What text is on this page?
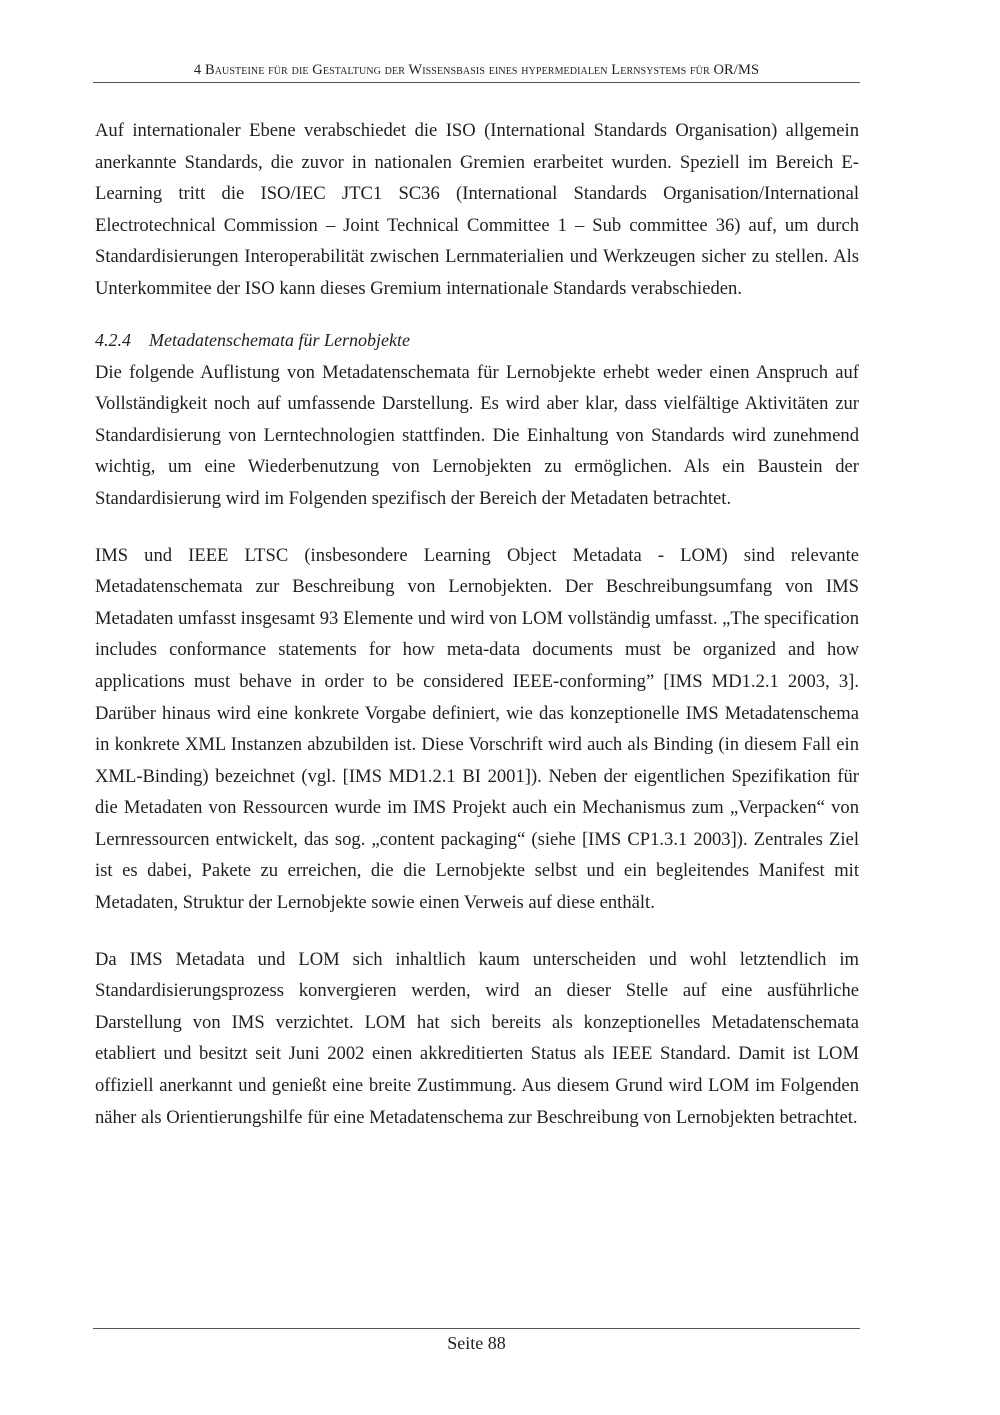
4 Bausteine für die Gestaltung der Wissensbasis eines hypermedialen Lernsystems für OR/MS

Auf internationaler Ebene verabschiedet die ISO (International Standards Organisation) allgemein anerkannte Standards, die zuvor in nationalen Gremien erarbeitet wurden. Speziell im Bereich E-Learning tritt die ISO/IEC JTC1 SC36 (International Standards Organisation/International Electrotechnical Commission – Joint Technical Committee 1 – Sub committee 36) auf, um durch Standardisierungen Interoperabilität zwischen Lernmaterialien und Werkzeugen sicher zu stellen. Als Unterkommitee der ISO kann dieses Gremium internationale Standards verabschieden.

4.2.4 Metadatenschemata für Lernobjekte

Die folgende Auflistung von Metadatenschemata für Lernobjekte erhebt weder einen Anspruch auf Vollständigkeit noch auf umfassende Darstellung. Es wird aber klar, dass vielfältige Aktivitäten zur Standardisierung von Lerntechnologien stattfinden. Die Einhaltung von Standards wird zunehmend wichtig, um eine Wiederbenutzung von Lernobjekten zu ermöglichen. Als ein Baustein der Standardisierung wird im Folgenden spezifisch der Bereich der Metadaten betrachtet.

IMS und IEEE LTSC (insbesondere Learning Object Metadata - LOM) sind relevante Metadatenschemata zur Beschreibung von Lernobjekten. Der Beschreibungsumfang von IMS Metadaten umfasst insgesamt 93 Elemente und wird von LOM vollständig umfasst. „The specification includes conformance statements for how meta-data documents must be organized and how applications must behave in order to be considered IEEE-conforming” [IMS MD1.2.1 2003, 3]. Darüber hinaus wird eine konkrete Vorgabe definiert, wie das konzeptionelle IMS Metadatenschema in konkrete XML Instanzen abzubilden ist. Diese Vorschrift wird auch als Binding (in diesem Fall ein XML-Binding) bezeichnet (vgl. [IMS MD1.2.1 BI 2001]). Neben der eigentlichen Spezifikation für die Metadaten von Ressourcen wurde im IMS Projekt auch ein Mechanismus zum „Verpacken“ von Lernressourcen entwickelt, das sog. „content packaging“ (siehe [IMS CP1.3.1 2003]). Zentrales Ziel ist es dabei, Pakete zu erreichen, die die Lernobjekte selbst und ein begleitendes Manifest mit Metadaten, Struktur der Lernobjekte sowie einen Verweis auf diese enthält.

Da IMS Metadata und LOM sich inhaltlich kaum unterscheiden und wohl letztendlich im Standardisierungsprozess konvergieren werden, wird an dieser Stelle auf eine ausführliche Darstellung von IMS verzichtet. LOM hat sich bereits als konzeptionelles Metadatenschemata etabliert und besitzt seit Juni 2002 einen akkreditierten Status als IEEE Standard. Damit ist LOM offiziell anerkannt und genießt eine breite Zustimmung. Aus diesem Grund wird LOM im Folgenden näher als Orientierungshilfe für eine Metadatenschema zur Beschreibung von Lernobjekten betrachtet.

Seite 88
